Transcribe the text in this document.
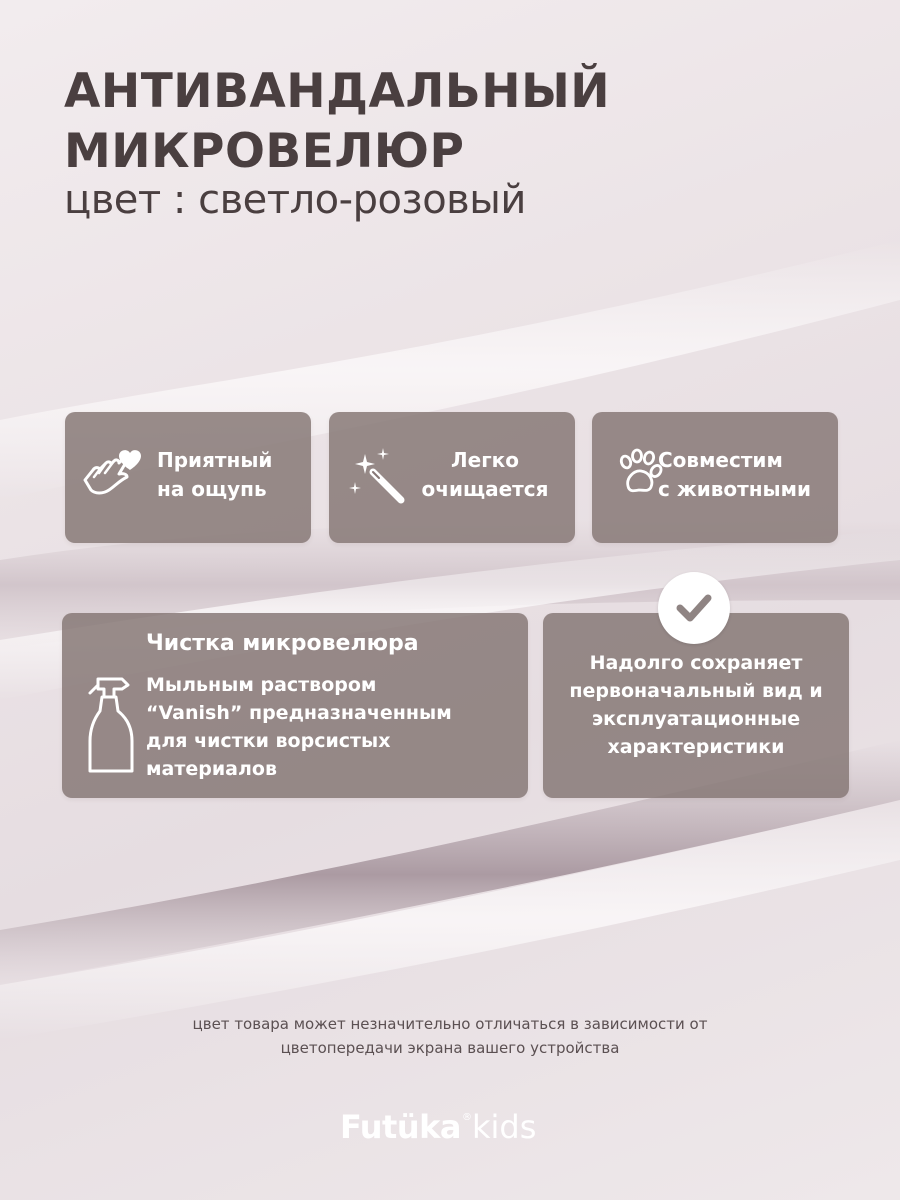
АНТИВАНДАЛЬНЫЙ
МИКРОВЕЛЮР
цвет : светло-розовый
Приятный
на ощупь
Легко
очищается
Совместим
с животными
Чистка микровелюра
Мыльным раствором
“Vanish” предназначенным
для чистки ворсистых
материалов
Надолго сохраняет
первоначальный вид и
эксплуатационные
характеристики
цвет товара может незначительно отличаться в зависимости от
цветопередачи экрана вашего устройства
Futüka®kids
